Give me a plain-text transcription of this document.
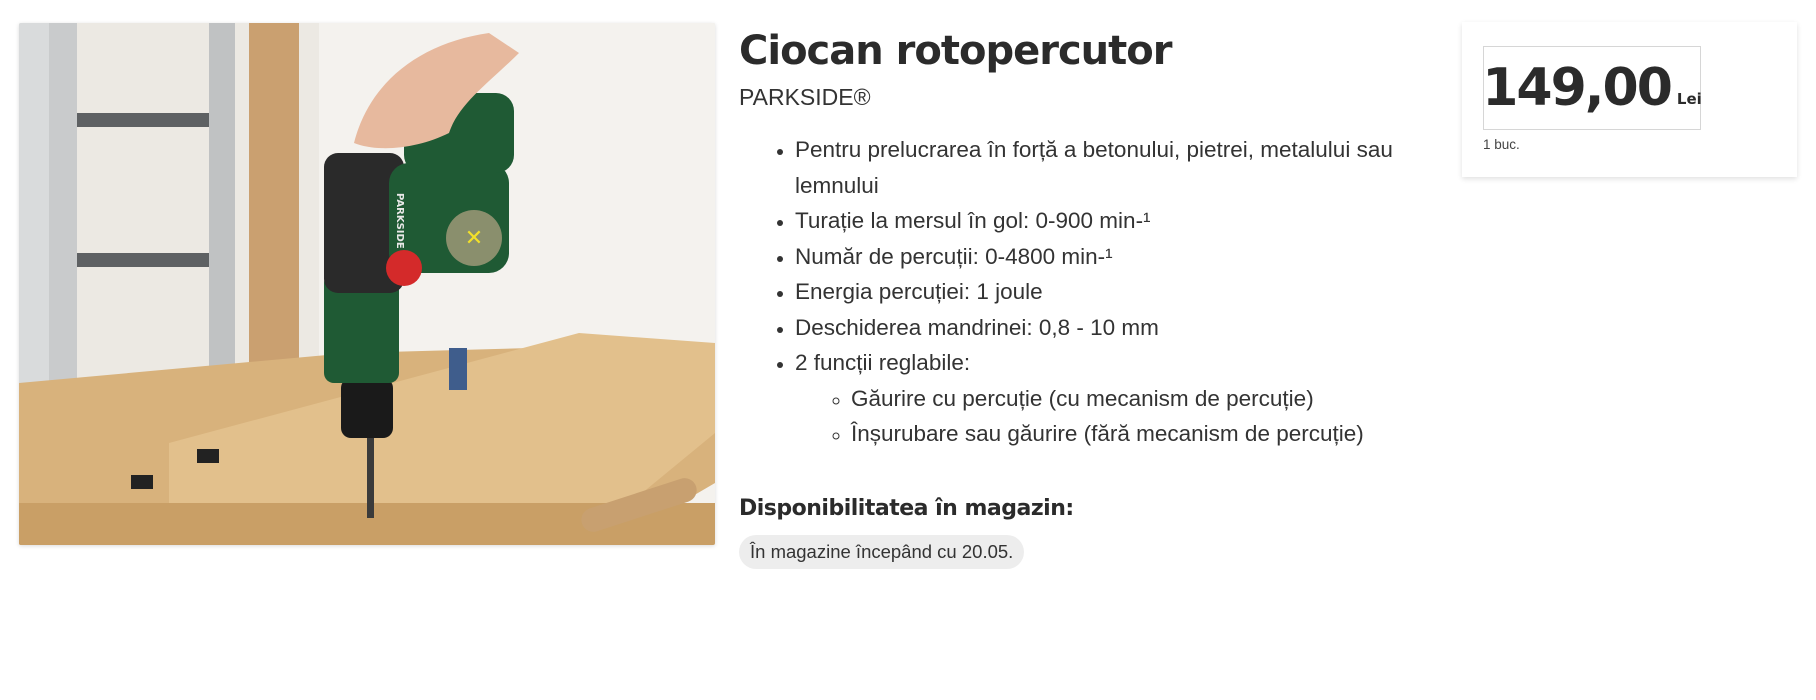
✕
PARKSIDE
Ciocan rotopercutor
PARKSIDE®
• Pentru prelucrarea în forță a betonului, pietrei, metalului sau lemnului
• Turație la mersul în gol: 0-900 min-¹
• Număr de percuții: 0-4800 min-¹
• Energia percuției: 1 joule
• Deschiderea mandrinei: 0,8 - 10 mm
• 2 funcții reglabile:
◦ Găurire cu percuție (cu mecanism de percuție)
◦ Înșurubare sau găurire (fără mecanism de percuție)
Disponibilitatea în magazin:
În magazine începând cu 20.05.
149,00 Lei
1 buc.
